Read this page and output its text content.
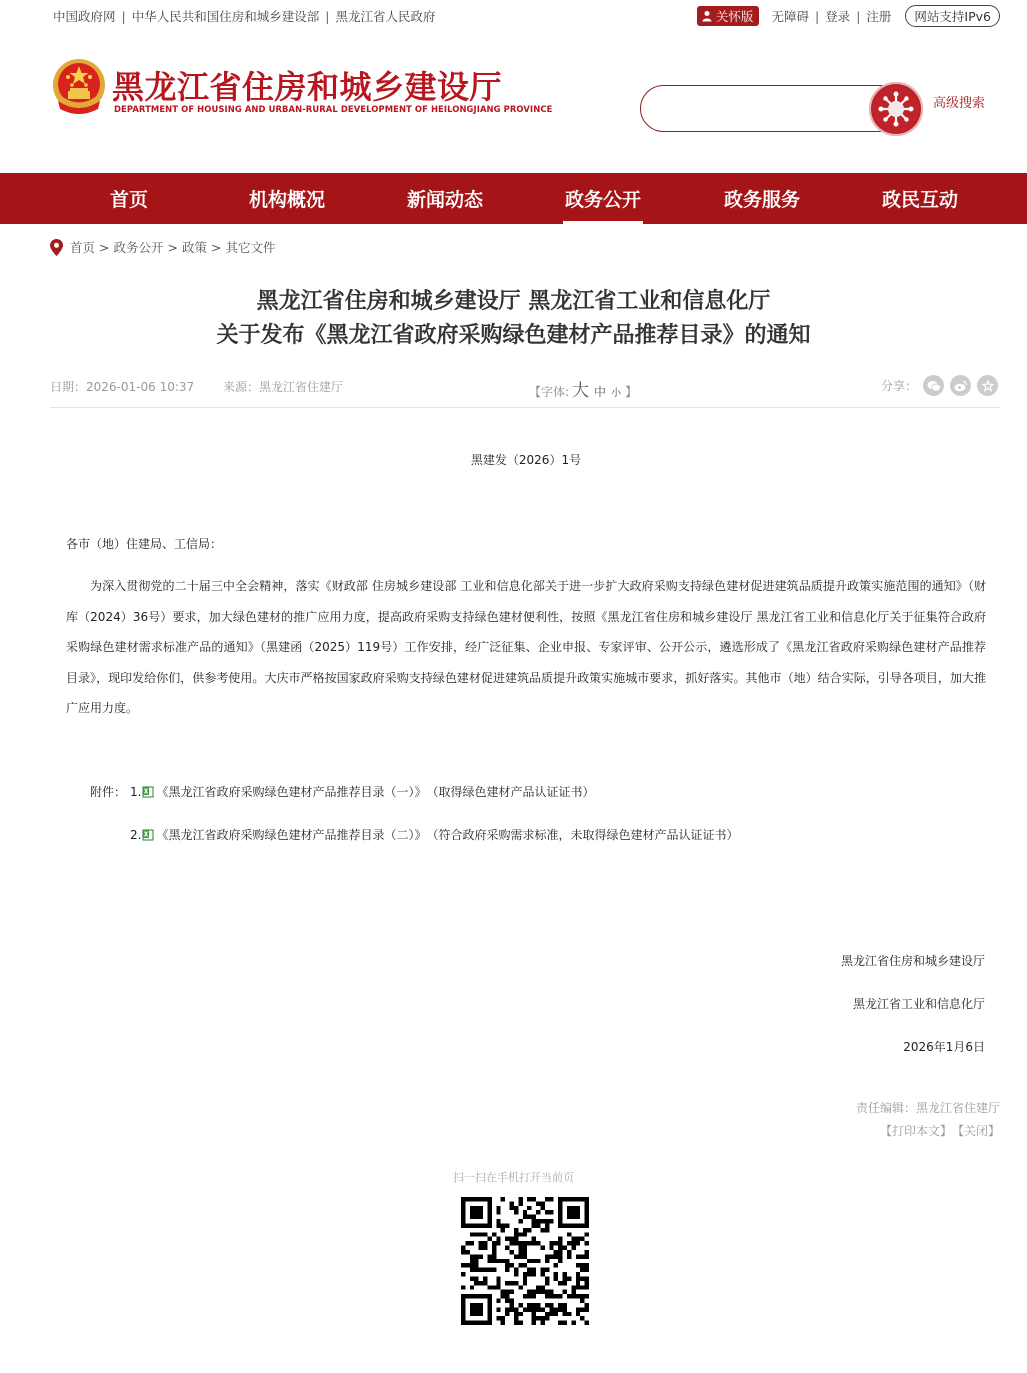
中国政府网 | 中华人民共和国住房和城乡建设部 | 黑龙江省人民政府	关怀版 无障碍 | 登录 | 注册	网站支持IPv6
黑龙江省住房和城乡建设厅
DEPARTMENT OF HOUSING AND URBAN-RURAL DEVELOPMENT OF HEILONGJIANG PROVINCE	高级搜索
首页	机构概况	新闻动态	政务公开	政务服务	政民互动
首页 > 政务公开 > 政策 > 其它文件
黑龙江省住房和城乡建设厅 黑龙江省工业和信息化厅
关于发布《黑龙江省政府采购绿色建材产品推荐目录》的通知
日期：2026-01-06 10:37 来源：黑龙江省住建厅	【字体: 大 中 小 】	分享：
黑建发（2026）1号
各市（地）住建局、工信局：
为深入贯彻党的二十届三中全会精神，落实《财政部 住房城乡建设部 工业和信息化部关于进一步扩大政府采购支持绿色建材促进建筑品质提升政策实施范围的通知》（财库（2024）36号）要求，加大绿色建材的推广应用力度，提高政府采购支持绿色建材便利性，按照《黑龙江省住房和城乡建设厅 黑龙江省工业和信息化厅关于征集符合政府采购绿色建材需求标准产品的通知》（黑建函（2025）119号）工作安排，经广泛征集、企业申报、专家评审、公开公示，遴选形成了《黑龙江省政府采购绿色建材产品推荐目录》，现印发给你们，供参考使用。大庆市严格按国家政府采购支持绿色建材促进建筑品质提升政策实施城市要求，抓好落实。其他市（地）结合实际，引导各项目，加大推广应用力度。
附件： 1. 《黑龙江省政府采购绿色建材产品推荐目录（一）》 （取得绿色建材产品认证证书）
2. 《黑龙江省政府采购绿色建材产品推荐目录（二）》 （符合政府采购需求标准，未取得绿色建材产品认证证书）
黑龙江省住房和城乡建设厅
黑龙江省工业和信息化厅
2026年1月6日
责任编辑：黑龙江省住建厅
【打印本文】 【关闭】
扫一扫在手机打开当前页
